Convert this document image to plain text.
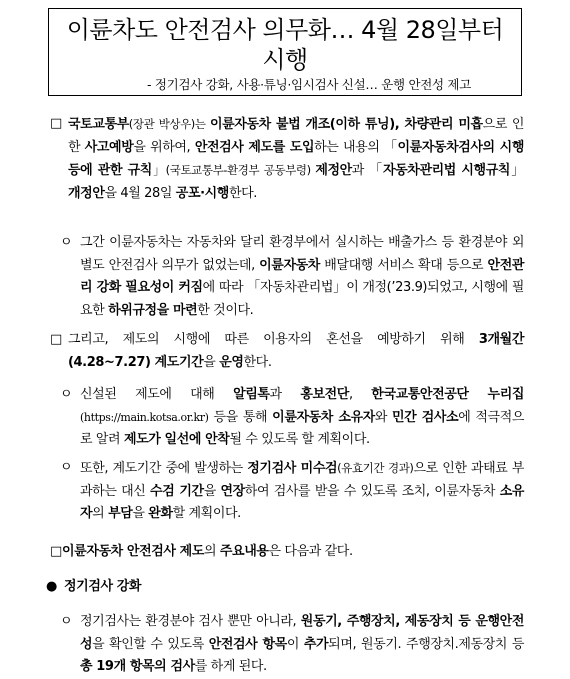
이륜차도 안전검사 의무화… 4월 28일부터 시행
- 정기검사 강화, 사용·튜닝·임시검사 신설… 운행 안전성 제고
□ 국토교통부(장관 박상우)는 이륜자동차 불법 개조(이하 튜닝), 차량관리 미흡으로 인한 사고예방을 위하여, 안전검사 제도를 도입하는 내용의 「이륜자동차검사의 시행 등에 관한 규칙」(국토교통부-환경부 공동부령) 제정안과 「자동차관리법 시행규칙」 개정안을 4월 28일 공포·시행한다.
ㅇ 그간 이륜자동차는 자동차와 달리 환경부에서 실시하는 배출가스 등 환경분야 외 별도 안전검사 의무가 없었는데, 이륜자동차 배달대행 서비스 확대 등으로 안전관리 강화 필요성이 커짐에 따라 「자동차관리법」이 개정(’23.9)되었고, 시행에 필요한 하위규정을 마련한 것이다.
□ 그리고, 제도의 시행에 따른 이용자의 혼선을 예방하기 위해 3개월간 (4.28~7.27) 계도기간을 운영한다.
ㅇ 신설된 제도에 대해 알림톡과 홍보전단, 한국교통안전공단 누리집 (https://main.kotsa.or.kr) 등을 통해 이륜자동차 소유자와 민간 검사소에 적극적으로 알려 제도가 일선에 안착될 수 있도록 할 계획이다.
ㅇ 또한, 계도기간 중에 발생하는 정기검사 미수검(유효기간 경과)으로 인한 과태료 부과하는 대신 수검 기간을 연장하여 검사를 받을 수 있도록 조치, 이륜자동차 소유자의 부담을 완화할 계획이다.
□ 이륜자동차 안전검사 제도의 주요내용은 다음과 같다.
● 정기검사 강화
ㅇ 정기검사는 환경분야 검사 뿐만 아니라, 원동기, 주행장치, 제동장치 등 운행안전성을 확인할 수 있도록 안전검사 항목이 추가되며, 원동기. 주행장치.제동장치 등 총 19개 항목의 검사를 하게 된다.
